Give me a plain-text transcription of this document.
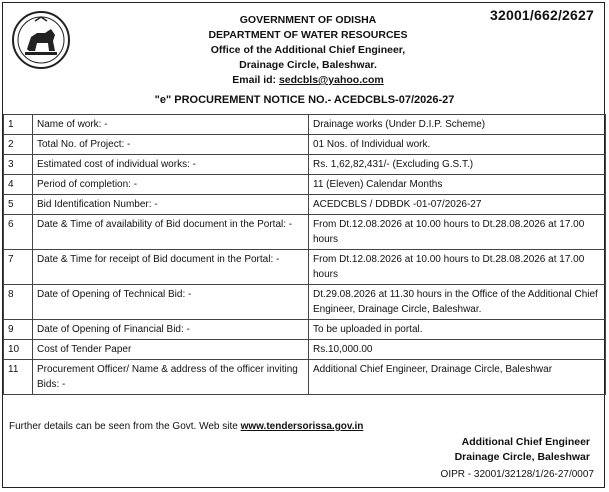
32001/662/2627
GOVERNMENT OF ODISHA
DEPARTMENT OF WATER RESOURCES
Office of the Additional Chief Engineer,
Drainage Circle, Baleshwar.
Email id: sedcbls@yahoo.com
"e" PROCUREMENT NOTICE NO.- ACEDCBLS-07/2026-27
1	Name of work: -	Drainage works (Under D.I.P. Scheme)
2	Total No. of Project: -	01 Nos. of Individual work.
3	Estimated cost of individual works: -	Rs. 1,62,82,431/- (Excluding G.S.T.)
4	Period of completion: -	11 (Eleven) Calendar Months
5	Bid Identification Number: -	ACEDCBLS / DDBDK -01-07/2026-27
6	Date & Time of availability of Bid document in the Portal: -	From Dt.12.08.2026 at 10.00 hours to Dt.28.08.2026 at 17.00 hours
7	Date & Time for receipt of Bid document in the Portal: -	From Dt.12.08.2026 at 10.00 hours to Dt.28.08.2026 at 17.00 hours
8	Date of Opening of Technical Bid: -	Dt.29.08.2026 at 11.30 hours in the Office of the Additional Chief Engineer, Drainage Circle, Baleshwar.
9	Date of Opening of Financial Bid: -	To be uploaded in portal.
10	Cost of Tender Paper	Rs.10,000.00
11	Procurement Officer/ Name & address of the officer inviting Bids: -	Additional Chief Engineer, Drainage Circle, Baleshwar
Further details can be seen from the Govt. Web site www.tendersorissa.gov.in
Additional Chief Engineer
Drainage Circle, Baleshwar
OIPR - 32001/32128/1/26-27/0007
